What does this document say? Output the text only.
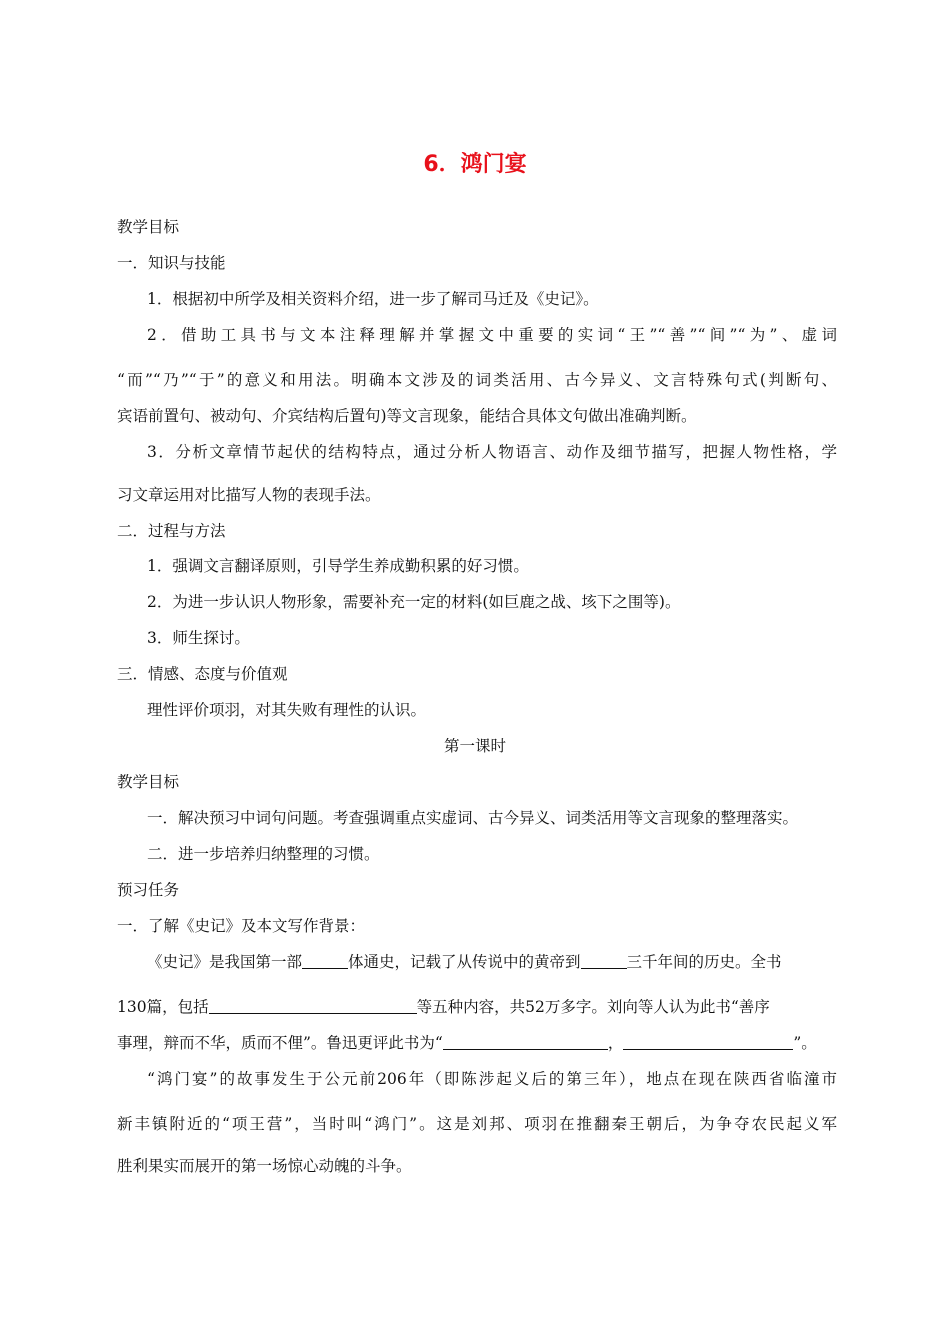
6．鸿门宴
教学目标
一．知识与技能
1．根据初中所学及相关资料介绍，进一步了解司马迁及《史记》。
2．借助工具书与文本注释理解并掌握文中重要的实词“王”“善”“间”“为”、虚词
“而”“乃”“于”的意义和用法。明确本文涉及的词类活用、古今异义、文言特殊句式(判断句、
宾语前置句、被动句、介宾结构后置句)等文言现象，能结合具体文句做出准确判断。
3．分析文章情节起伏的结构特点，通过分析人物语言、动作及细节描写，把握人物性格，学
习文章运用对比描写人物的表现手法。
二．过程与方法
1．强调文言翻译原则，引导学生养成勤积累的好习惯。
2．为进一步认识人物形象，需要补充一定的材料(如巨鹿之战、垓下之围等)。
3．师生探讨。
三．情感、态度与价值观
理性评价项羽，对其失败有理性的认识。
第一课时
教学目标
一．解决预习中词句问题。考查强调重点实虚词、古今异义、词类活用等文言现象的整理落实。
二．进一步培养归纳整理的习惯。
预习任务
一．了解《史记》及本文写作背景：
《史记》是我国第一部	体通史，记载了从传说中的黄帝到	三千年间的历史。全书
130篇，包括	等五种内容，共52万多字。刘向等人认为此书“善序
事理，辩而不华，质而不俚”。鲁迅更评此书为“	，	”。
“鸿门宴”的故事发生于公元前206年（即陈涉起义后的第三年），地点在现在陕西省临潼市
新丰镇附近的“项王营”，当时叫“鸿门”。这是刘邦、项羽在推翻秦王朝后，为争夺农民起义军
胜利果实而展开的第一场惊心动魄的斗争。
